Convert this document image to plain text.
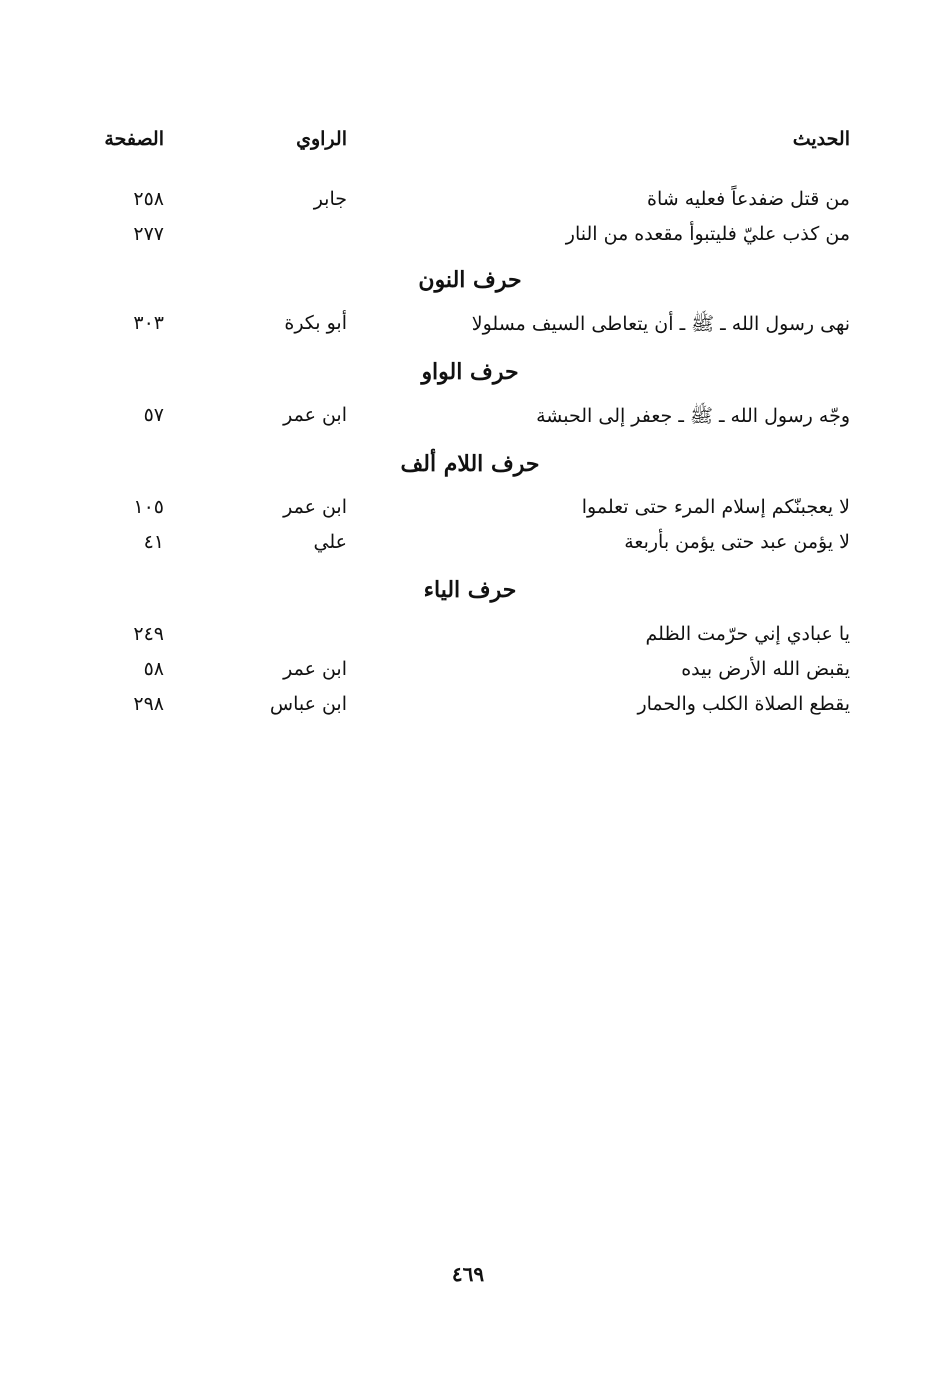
الحديث
الراوي
الصفحة
من قتل ضفدعاً فعليه شاة
جابر
٢٥٨
من كذب عليّ فليتبوأ مقعده من النار
٢٧٧
حرف النون
نهى رسول الله ـ ﷺ ـ أن يتعاطى السيف مسلولا
أبو بكرة
٣٠٣
حرف الواو
وجّه رسول الله ـ ﷺ ـ جعفر إلى الحبشة
ابن عمر
٥٧
حرف اللام ألف
لا يعجبنّكم إسلام المرء حتى تعلموا
ابن عمر
١٠٥
لا يؤمن عبد حتى يؤمن بأربعة
علي
٤١
حرف الياء
يا عبادي إني حرّمت الظلم
٢٤٩
يقبض الله الأرض بيده
ابن عمر
٥٨
يقطع الصلاة الكلب والحمار
ابن عباس
٢٩٨
٤٦٩
